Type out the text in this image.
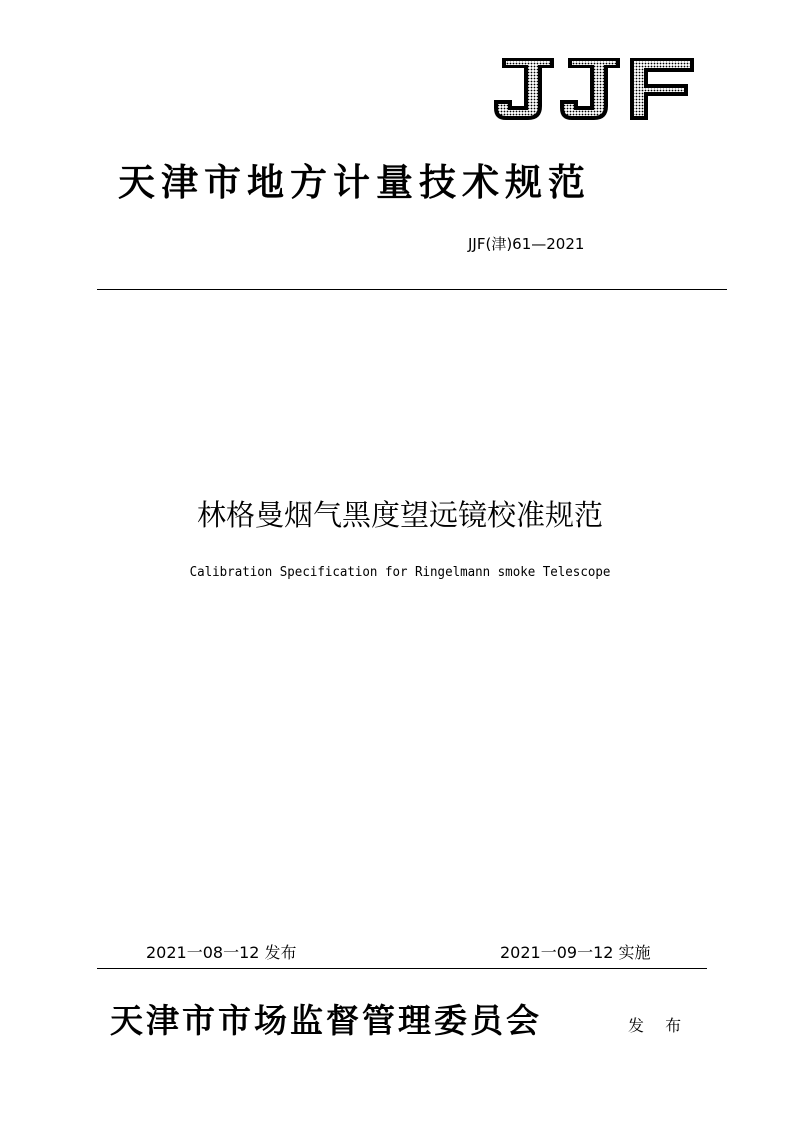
天津市地方计量技术规范
JJF(津)61—2021
林格曼烟气黑度望远镜校准规范
Calibration Specification for Ringelmann smoke Telescope
2021一08一12 发布	2021一09一12 实施
天津市市场监督管理委员会	发 布
